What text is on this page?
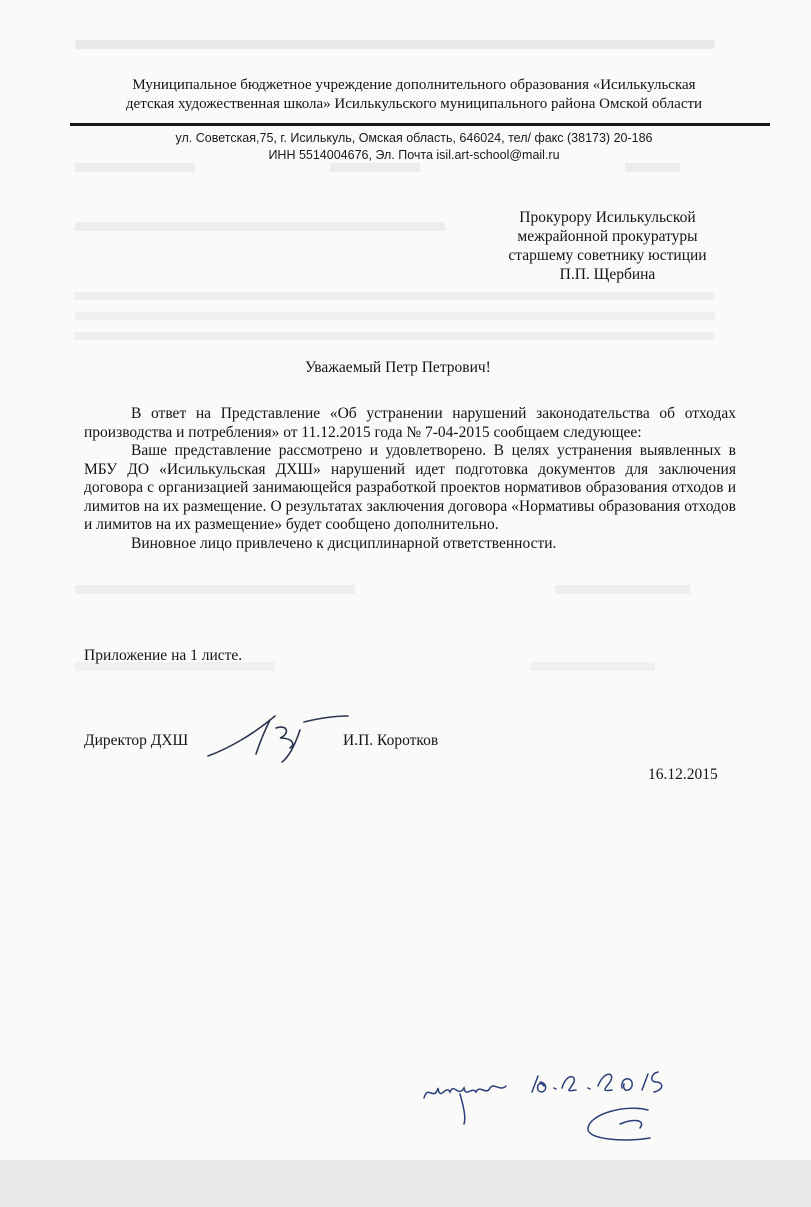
Муниципальное бюджетное учреждение дополнительного образования «Исилькульская
детская художественная школа» Исилькульского муниципального района Омской области
ул. Советская,75, г. Исилькуль, Омская область, 646024, тел/ факс (38173) 20-186
ИНН 5514004676, Эл. Почта isil.art-school@mail.ru
Прокурору Исилькульской
межрайонной прокуратуры
старшему советнику юстиции
П.П. Щербина
Уважаемый Петр Петрович!

В ответ на Представление «Об устранении нарушений законодательства об отходах производства и потребления» от 11.12.2015 года № 7-04-2015 сообщаем следующее:

Ваше представление рассмотрено и удовлетворено. В целях устранения выявленных в МБУ ДО «Исилькульская ДХШ» нарушений идет подготовка документов для заключения договора с организацией занимающейся разработкой проектов нормативов образования отходов и лимитов на их размещение. О результатах заключения договора «Нормативы образования отходов и лимитов на их размещение» будет сообщено дополнительно.

Виновное лицо привлечено к дисциплинарной ответственности.

Приложение на 1 листе.
Директор ДХШ	И.П. Коротков
16.12.2015
